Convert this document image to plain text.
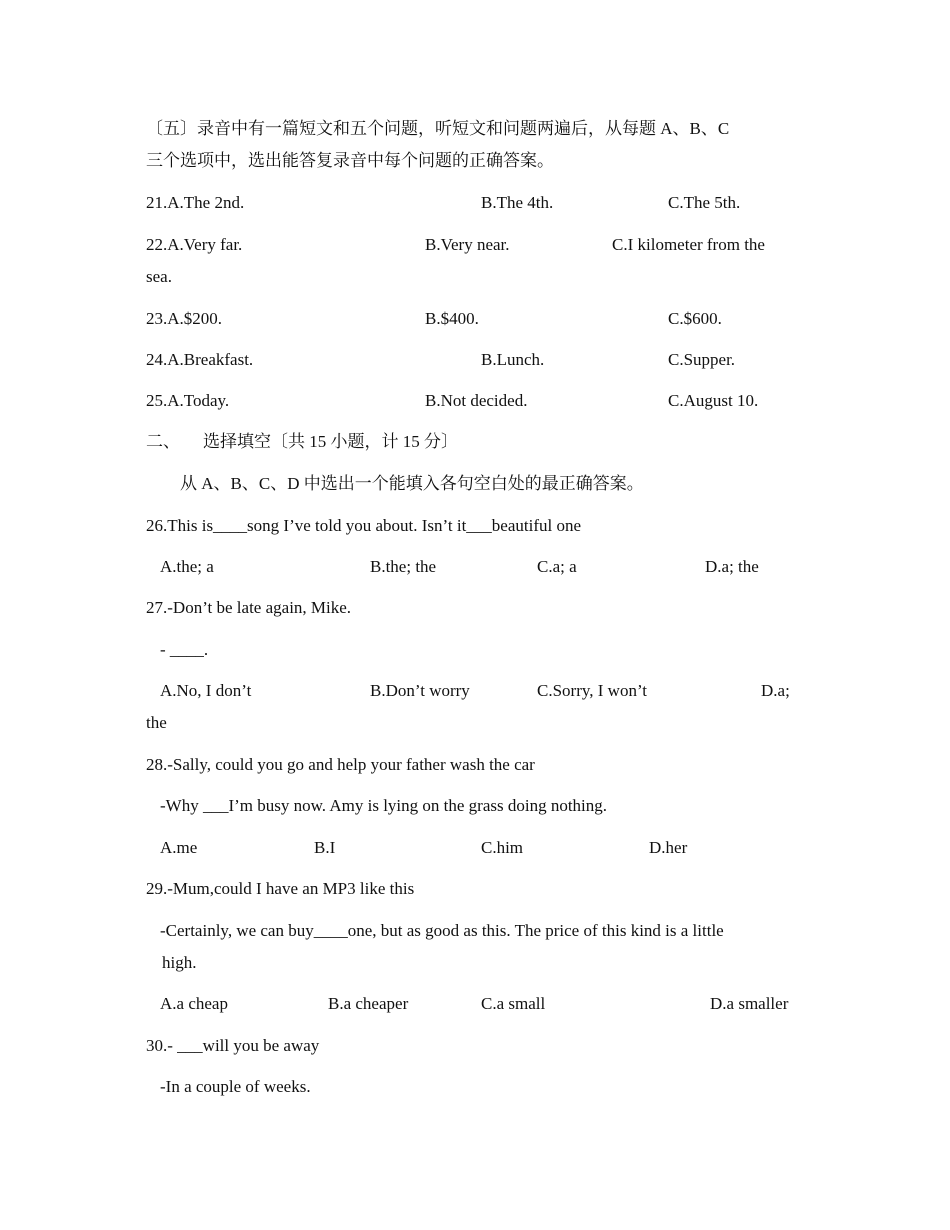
〔五〕录音中有一篇短文和五个问题，听短文和问题两遍后，从每题 A、B、C
三个选项中，选出能答复录音中每个问题的正确答案。
21.A.The 2nd.	B.The 4th.	C.The 5th.
22.A.Very far.	B.Very near.	C.I kilometer from the
sea.
23.A.$200.	B.$400.	C.$600.
24.A.Breakfast.	B.Lunch.	C.Supper.
25.A.Today.	B.Not decided.	C.August 10.
二、 选择填空〔共 15 小题，计 15 分〕
从 A、B、C、D 中选出一个能填入各句空白处的最正确答案。
26.This is____song I’ve told you about. Isn’t it___beautiful one
A.the; a	B.the; the	C.a; a	D.a; the
27.-Don’t be late again, Mike.
- ____.
A.No, I don’t	B.Don’t worry	C.Sorry, I won’t	D.a;
the
28.-Sally, could you go and help your father wash the car
-Why ___I’m busy now. Amy is lying on the grass doing nothing.
A.me	B.I	C.him	D.her
29.-Mum,could I have an MP3 like this
-Certainly, we can buy____one, but as good as this. The price of this kind is a little
high.
A.a cheap	B.a cheaper	C.a small	D.a smaller
30.- ___will you be away
-In a couple of weeks.
